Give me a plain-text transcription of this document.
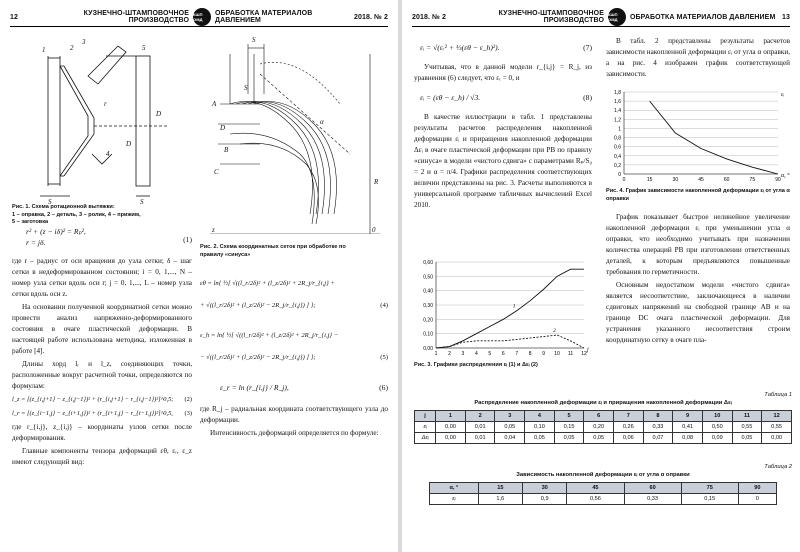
12	КУЗНЕЧНО-ШТАМПОВОЧНОЕ ПРОИЗВОДСТВО
КШП ОМД
ОБРАБОТКА МАТЕРИАЛОВ ДАВЛЕНИЕМ	2018. № 2
1	2
3
4
5
S	S
r
D
D
Рис. 1. Схема ротационной вытяжки:
1 – оправка, 2 – деталь, 3 – ролик, 4 – прижим,
5 – заготовка
A
B
C
D
S
S
0
z
R
α
Рис. 2. Схема координатных сеток при обработке по
правилу «синуса»
r² + (z − iδ)² = Rₚ²,
r = jδ.	(1)

где r – радиус от оси вращения до узла сетки; δ – шаг сетки в недеформированном состоянии; i = 0, 1,..., N – номер узла сетки вдоль оси r; j = 0, 1,..., L – номер узла сетки вдоль оси z.

На основании полученной координатной сетки можно провести анализ напряженно-деформированного состояния в очаге пластической деформации. В настоящей работе использована методика, изложенная в работе [4].

Длины хорд lᵣ и l_z, соединяющих точки, расположенные вокруг расчетной точки, определяются по формулам:

l_z = [(z_{i,j+1} − z_{i,j−1})² + (r_{i,j+1} − r_{i,j−1})²]^0,5; (2)
l_r = [(z_{i−1,j} − z_{i+1,j})² + (r_{i+1,j} − r_{i−1,j})²]^0,5, (3)

где r_{i,j}, z_{i,j} – координаты узлов сетки после деформирования.

Главные компоненты тензора деформаций εθ, εᵣ, ε_z имеют следующий вид:

εθ = ln{ ½[ √((l_r/2δ)² + (l_z/2δ)² + 2R_j/r_{i,j} +
+ √((l_r/2δ)² + (l_z/2δ)² − 2R_j/r_{i,j}) ] };	(4)
ε_h = ln{ ½[ √((l_r/2δ)² + (l_z/2δ)² + 2R_j/r_{i,j} −
− √((l_r/2δ)² + (l_z/2δ)² − 2R_j/r_{i,j}) ] };	(5)
ε_r = ln (r_{i,j} / R_j),	(6)

где R_j – радиальная координата соответствующего узла до деформации.

Интенсивность деформаций определяется по формуле:

2018. № 2	КУЗНЕЧНО-ШТАМПОВОЧНОЕ ПРОИЗВОДСТВО
КШП ОМД	ОБРАБОТКА МАТЕРИАЛОВ ДАВЛЕНИЕМ 13
εᵢ = √(εᵣ² + ⅓(εθ − ε_h)²).	(7)

Учитывая, что в данной модели r_{i,j} = R_j, из уравнения (6) следует, что εᵣ = 0, и

εᵢ = (εθ − ε_h) / √3.	(8)

В качестве иллюстрации в табл. 1 представлены результаты расчетов распределения накопленной деформации εᵢ и приращения накопленной деформации Δεᵢ в очаге пластической деформации при РВ по правилу «синуса» в модели «чистого сдвига» с параметрами Rₚ/S₀ = 2 и α = π/4. Графики распределения соответствующих величин представлены на рис. 3. Расчеты выполняются в универсальной программе табличных вычислений Excel 2010.

0,00
0,10
0,20
0,30
0,40
0,50
0,60
1 2 3 4 5 6 7 8 9 10 11 12
j
1
2
Рис. 3. Графики распределения εᵢ (1) и Δεᵢ (2)

В табл. 2 представлены результаты расчетов зависимости накопленной деформации εᵢ от угла α оправки, а на рис. 4 изображен график соответствующей зависимости.

0
0,2
0,4
0,6
0,8
1
1,2
1,4
1,6
1,8
0	15	30	45	60	75	90
α, °
εᵢ
Рис. 4. График зависимости накопленной деформации εᵢ от угла α оправки

График показывает быстрое нелинейное увеличение накопленной деформации εᵢ при уменьшении угла α оправки, что необходимо учитывать при назначении количества операций РВ при изготовлении ответственных деталей, к которым предъявляются повышенные требования по герметичности.

Основным недостатком модели «чистого сдвига» является несоответствие, заключающееся в наличии сдвиговых напряжений на свободной границе AB и на границе DC очага пластической деформации. Для устранения указанного несоответствия строим координатную сетку в очаге пла-

Таблица 1
Распределение накопленной деформации εᵢ и приращения накопленной деформации Δεᵢ
j	1	2	3	4	5	6	7	8	9	10	11	12
εᵢ	0,00	0,01	0,05	0,10	0,15	0,20	0,26	0,33	0,41	0,50	0,55	0,55
Δεᵢ	0,00	0,01	0,04	0,05	0,05	0,05	0,06	0,07	0,08	0,09	0,05	0,00
Таблица 2
Зависимость накопленной деформации εᵢ от угла α оправки
α, °	15	30	45	60	75	90
εᵢ	1,6	0,9	0,56	0,33	0,15	0
